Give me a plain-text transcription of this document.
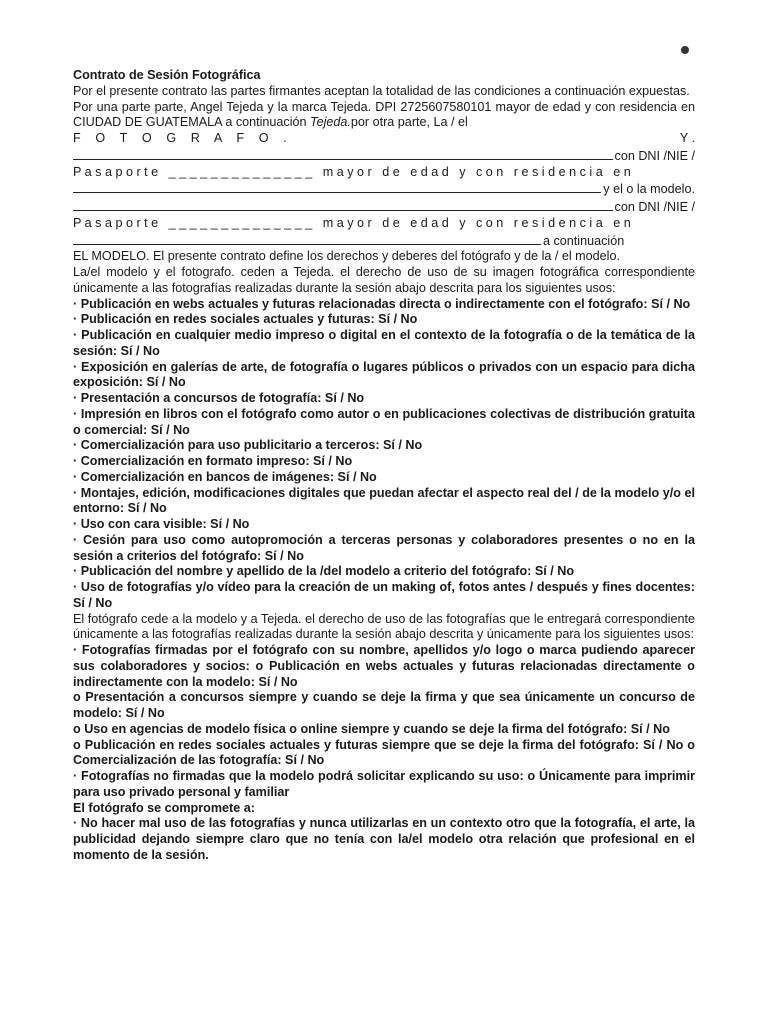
Contrato de Sesión Fotográfica

Por el presente contrato las partes firmantes aceptan la totalidad de las condiciones a continuación expuestas.

Por una parte parte, Angel Tejeda y la marca Tejeda. DPI 2725607580101 mayor de edad y con residencia en CIUDAD DE GUATEMALA a continuación Tejeda.por otra parte, La / el

F O T O G R A F O .	Y .
con DNI /NIE /
P a s a p o r t e   _ _ _ _ _ _ _ _ _ _ _ _ _ _   m a y o r   d e   e d a d   y   c o n   r e s i d e n c i a   e n
y el o la modelo.
con DNI /NIE /
P a s a p o r t e   _ _ _ _ _ _ _ _ _ _ _ _ _ _   m a y o r   d e   e d a d   y   c o n   r e s i d e n c i a   e n
a continuación

EL MODELO. El presente contrato define los derechos y deberes del fotógrafo y de la / el modelo.

La/el modelo y el fotografo. ceden a Tejeda. el derecho de uso de su imagen fotográfica correspondiente únicamente a las fotografías realizadas durante la sesión abajo descrita para los siguientes usos:

· Publicación en webs actuales y futuras relacionadas directa o indirectamente con el fotógrafo: Sí / No

· Publicación en redes sociales actuales y futuras: Sí / No

· Publicación en cualquier medio impreso o digital en el contexto de la fotografía o de la temática de la sesión: Sí / No

· Exposición en galerías de arte, de fotografía o lugares públicos o privados con un espacio para dicha exposición: Sí / No

· Presentación a concursos de fotografía: Sí / No

· Impresión en libros con el fotógrafo como autor o en publicaciones colectivas de distribución gratuita o comercial: Sí / No

· Comercialización para uso publicitario a terceros: Sí / No

· Comercialización en formato impreso: Sí / No

· Comercialización en bancos de imágenes: Sí / No

· Montajes, edición, modificaciones digitales que puedan afectar el aspecto real del / de la modelo y/o el entorno: Sí / No

· Uso con cara visible: Sí / No

· Cesión para uso como autopromoción a terceras personas y colaboradores presentes o no en la sesión a criterios del fotógrafo: Sí / No

· Publicación del nombre y apellido de la /del modelo a criterio del fotógrafo: Sí / No

· Uso de fotografías y/o vídeo para la creación de un making of, fotos antes / después y fines docentes: Sí / No

El fotógrafo cede a la modelo y a Tejeda. el derecho de uso de las fotografías que le entregará correspondiente únicamente a las fotografías realizadas durante la sesión abajo descrita y únicamente para los siguientes usos:

· Fotografías firmadas por el fotógrafo con su nombre, apellidos y/o logo o marca pudiendo aparecer sus colaboradores y socios: o Publicación en webs actuales y futuras relacionadas directamente o indirectamente con la modelo: Sí / No

o Presentación a concursos siempre y cuando se deje la firma y que sea únicamente un concurso de modelo: Sí / No

o Uso en agencias de modelo física o online siempre y cuando se deje la firma del fotógrafo: Sí / No

o Publicación en redes sociales actuales y futuras siempre que se deje la firma del fotógrafo: Sí / No o Comercialización de las fotografía: Sí / No

· Fotografías no firmadas que la modelo podrá solicitar explicando su uso: o Únicamente para imprimir para uso privado personal y familiar

El fotógrafo se compromete a:

· No hacer mal uso de las fotografías y nunca utilizarlas en un contexto otro que la fotografía, el arte, la publicidad dejando siempre claro que no tenía con la/el modelo otra relación que profesional en el momento de la sesión.
